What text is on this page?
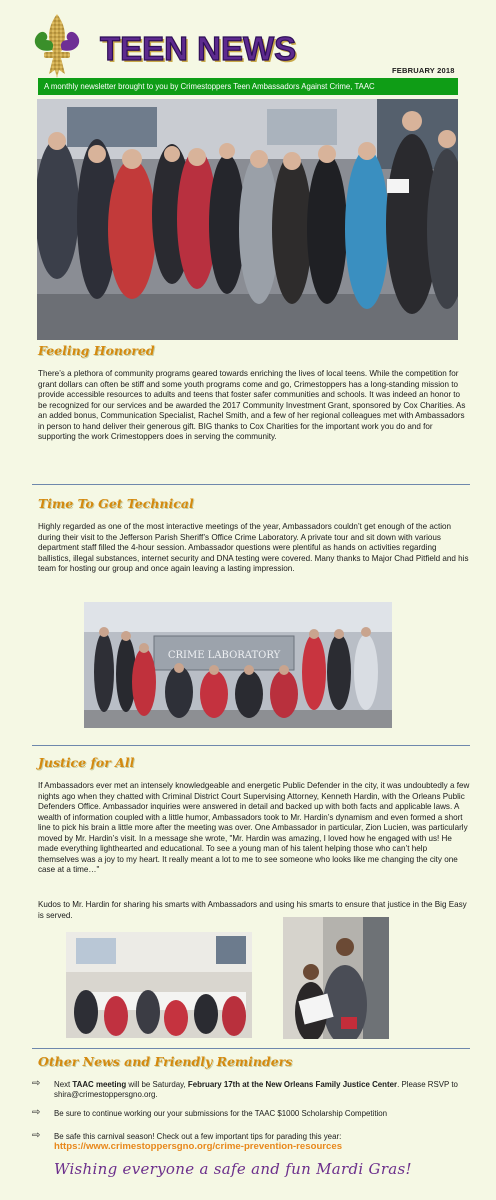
TEEN NEWS
FEBRUARY 2018
A monthly newsletter brought to you by Crimestoppers Teen Ambassadors Against Crime, TAAC
Feeling Honored
There’s a plethora of community programs geared towards enriching the lives of local teens. While the competition for grant dollars can often be stiff and some youth programs come and go, Crimestoppers has a long-standing mission to provide accessible resources to adults and teens that foster safer communities and schools. It was indeed an honor to be recognized for our services and be awarded the 2017 Community Investment Grant, sponsored by Cox Charities. As an added bonus, Communication Specialist, Rachel Smith, and a few of her regional colleagues met with Ambassadors in person to hand deliver their generous gift. BIG thanks to Cox Charities for the important work you do and for supporting the work Crimestoppers does in serving the community.
Time To Get Technical
Highly regarded as one of the most interactive meetings of the year, Ambassadors couldn’t get enough of the action during their visit to the Jefferson Parish Sheriff’s Office Crime Laboratory. A private tour and sit down with various department staff filled the 4-hour session. Ambassador questions were plentiful as hands on activities regarding ballistics, illegal substances, internet security and DNA testing were covered. Many thanks to Major Chad Pitfield and his team for hosting our group and once again leaving a lasting impression.
CRIME LABORATORY
Justice for All
If Ambassadors ever met an intensely knowledgeable and energetic Public Defender in the city, it was undoubtedly a few nights ago when they chatted with Criminal District Court Supervising Attorney, Kenneth Hardin, with the Orleans Public Defenders Office. Ambassador inquiries were answered in detail and backed up with both facts and applicable laws. A wealth of information coupled with a little humor, Ambassadors took to Mr. Hardin’s dynamism and even formed a short line to pick his brain a little more after the meeting was over. One Ambassador in particular, Zion Lucien, was particularly moved by Mr. Hardin’s visit. In a message she wrote, "Mr. Hardin was amazing, I loved how he engaged with us! He made everything lighthearted and educational. To see a young man of his talent helping those who can’t help themselves was a joy to my heart. It really meant a lot to me to see someone who looks like me changing the city one case at a time…"
Kudos to Mr. Hardin for sharing his smarts with Ambassadors and using his smarts to ensure that justice in the Big Easy is served.
Other News and Friendly Reminders
⇨ Next TAAC meeting will be Saturday, February 17th at the New Orleans Family Justice Center. Please RSVP to shira@crimestoppersgno.org.
⇨ Be sure to continue working our your submissions for the TAAC $1000 Scholarship Competition
⇨ Be safe this carnival season! Check out a few important tips for parading this year:
https://www.crimestoppersgno.org/crime-prevention-resources
Wishing everyone a safe and fun Mardi Gras!
